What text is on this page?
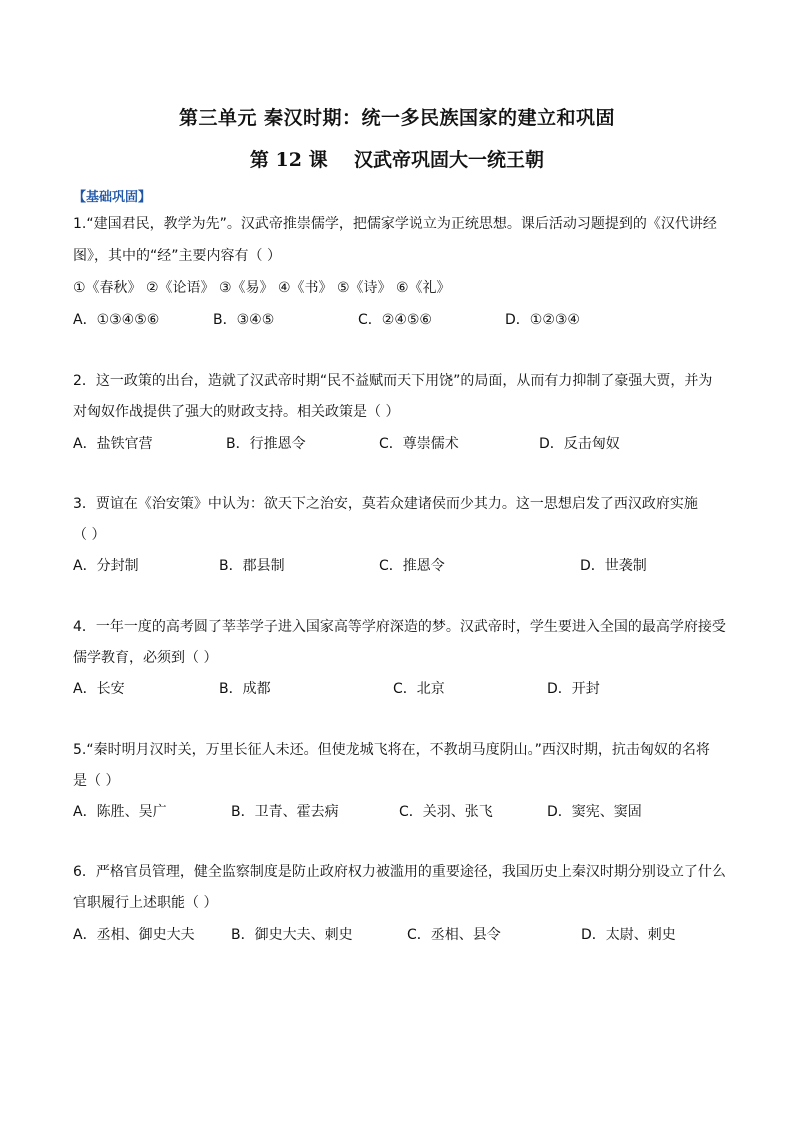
第三单元 秦汉时期：统一多民族国家的建立和巩固
第 12 课    汉武帝巩固大一统王朝
【基础巩固】
1.“建国君民，教学为先”。汉武帝推崇儒学，把儒家学说立为正统思想。课后活动习题提到的《汉代讲经
图》，其中的“经”主要内容有（ ）
①《春秋》 ②《论语》 ③《易》 ④《书》 ⑤《诗》 ⑥《礼》
A．①③④⑤⑥	B．③④⑤	C．②④⑤⑥	D．①②③④
2．这一政策的出台，造就了汉武帝时期“民不益赋而天下用饶”的局面，从而有力抑制了豪强大贾，并为
对匈奴作战提供了强大的财政支持。相关政策是（ ）
A．盐铁官营	B．行推恩令	C．尊崇儒术	D．反击匈奴
3．贾谊在《治安策》中认为：欲天下之治安，莫若众建诸侯而少其力。这一思想启发了西汉政府实施
（ ）
A．分封制	B．郡县制	C．推恩令	D．世袭制
4．一年一度的高考圆了莘莘学子进入国家高等学府深造的梦。汉武帝时，学生要进入全国的最高学府接受
儒学教育，必须到（ ）
A．长安	B．成都	C．北京	D．开封
5.“秦时明月汉时关，万里长征人未还。但使龙城飞将在，不教胡马度阴山。”西汉时期，抗击匈奴的名将
是（ ）
A．陈胜、吴广	B．卫青、霍去病	C．关羽、张飞	D．窦宪、窦固
6．严格官员管理，健全监察制度是防止政府权力被滥用的重要途径，我国历史上秦汉时期分别设立了什么
官职履行上述职能（ ）
A．丞相、御史大夫	B．御史大夫、刺史	C．丞相、县令	D．太尉、刺史
